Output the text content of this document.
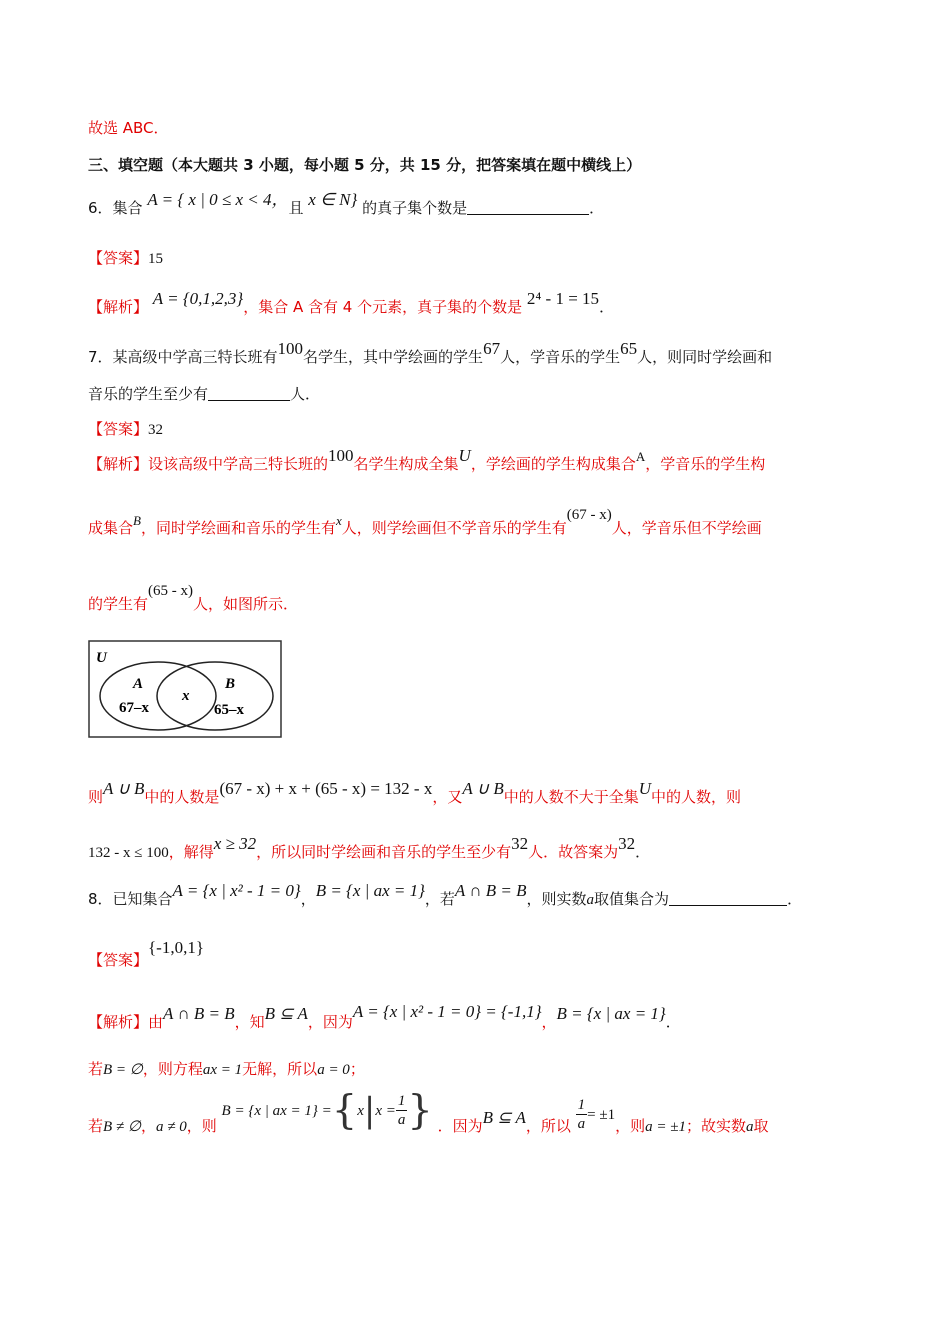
故选 ABC．
三、填空题（本大题共 3 小题，每小题 5 分，共 15 分，把答案填在题中横线上）
6．集合 A = { x | 0 ≤ x < 4，且 x ∈ N} 的真子集个数是	．
【答案】15
【解析】 A = {0,1,2,3}，集合 A 含有 4 个元素，真子集的个数是 2⁴ - 1 = 15．
7．某高级中学高三特长班有100名学生，其中学绘画的学生67人，学音乐的学生65人，则同时学绘画和
音乐的学生至少有	人．
【答案】32
【解析】设该高级中学高三特长班的100名学生构成全集U，学绘画的学生构成集合A，学音乐的学生构
成集合B，同时学绘画和音乐的学生有x人，则学绘画但不学音乐的学生有(67 - x)人，学音乐但不学绘画
的学生有(65 - x)人，如图所示．
U
A
67–x
x
B
65–x
则A ∪ B中的人数是(67 - x) + x + (65 - x) = 132 - x，又A ∪ B中的人数不大于全集U中的人数，则
132 - x ≤ 100，解得x ≥ 32，所以同时学绘画和音乐的学生至少有32人．故答案为32．
8．已知集合A = {x | x² - 1 = 0}，B = {x | ax = 1}，若A ∩ B = B，则实数a取值集合为	．
【答案】{-1,0,1}
【解析】由A ∩ B = B，知B ⊆ A，因为A = {x | x² - 1 = 0} = {-1,1}，B = {x | ax = 1}．
若B = ∅，则方程ax = 1无解，所以a = 0；
若B ≠ ∅，a ≠ 0，则 B = {x | ax = $1\} =\{x|x = \frac{1}{a}$ } ．因为B ⊆ A，所以 $\frac{1}{a} = \pm 1$，则a = ±1；故实数a取
